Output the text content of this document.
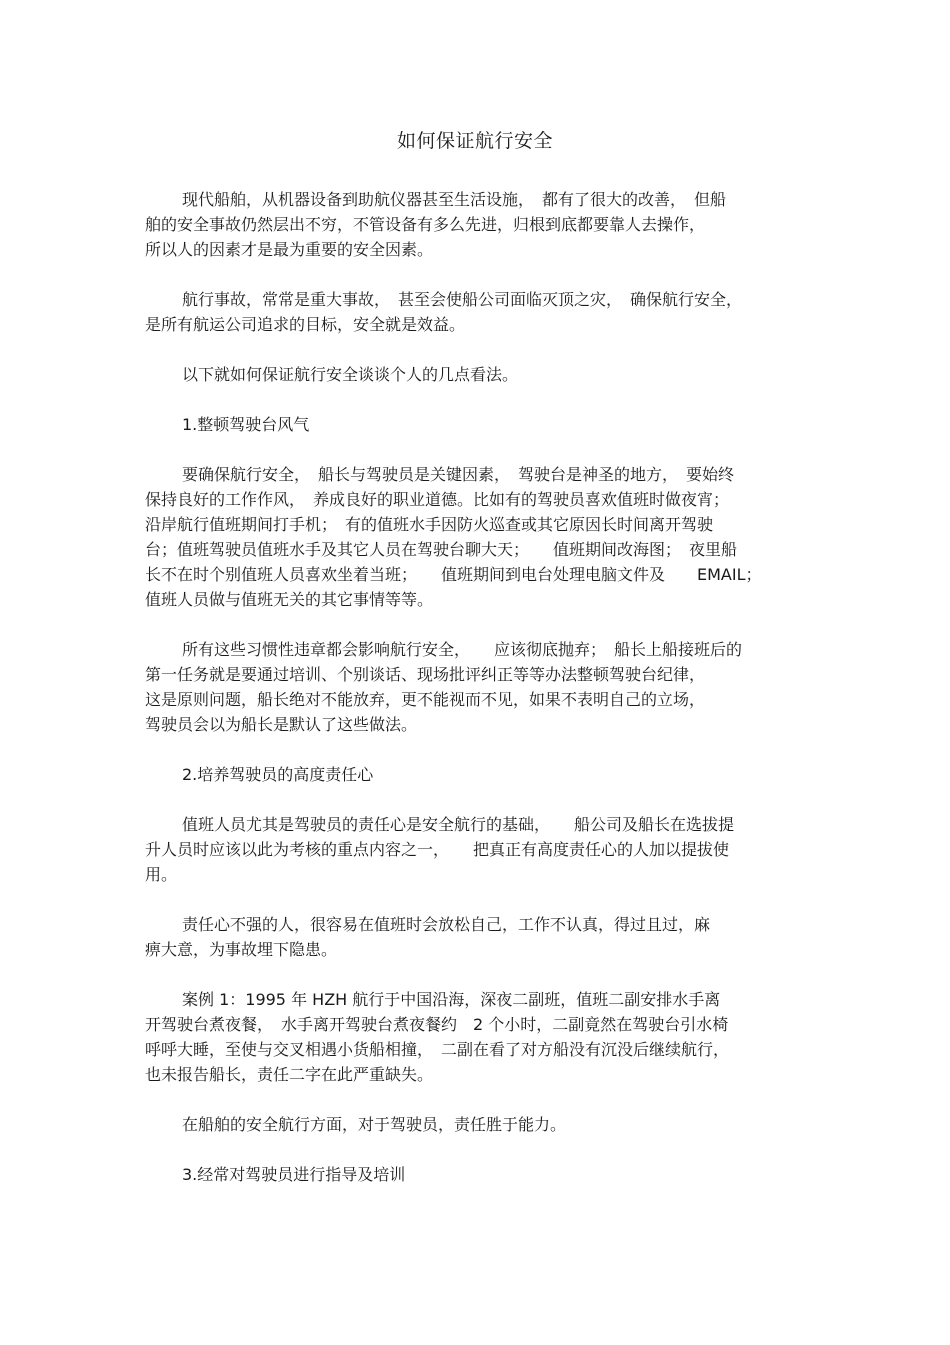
如何保证航行安全
现代船舶，从机器设备到助航仪器甚至生活设施，　都有了很大的改善，　但船
舶的安全事故仍然层出不穷，不管设备有多么先进，归根到底都要靠人去操作，
所以人的因素才是最为重要的安全因素。
航行事故，常常是重大事故，　甚至会使船公司面临灭顶之灾，　确保航行安全，
是所有航运公司追求的目标，安全就是效益。
以下就如何保证航行安全谈谈个人的几点看法。
1.整顿驾驶台风气
要确保航行安全，　船长与驾驶员是关键因素，　驾驶台是神圣的地方，　要始终
保持良好的工作作风，　养成良好的职业道德。比如有的驾驶员喜欢值班时做夜宵；
沿岸航行值班期间打手机；　有的值班水手因防火巡查或其它原因长时间离开驾驶
台；值班驾驶员值班水手及其它人员在驾驶台聊大天；　　值班期间改海图；　夜里船
长不在时个别值班人员喜欢坐着当班；　　值班期间到电台处理电脑文件及　　EMAIL；
值班人员做与值班无关的其它事情等等。
所有这些习惯性违章都会影响航行安全，　　应该彻底抛弃；　船长上船接班后的
第一任务就是要通过培训、个别谈话、现场批评纠正等等办法整顿驾驶台纪律，
这是原则问题，船长绝对不能放弃，更不能视而不见，如果不表明自己的立场，
驾驶员会以为船长是默认了这些做法。
2.培养驾驶员的高度责任心
值班人员尤其是驾驶员的责任心是安全航行的基础，　　船公司及船长在选拔提
升人员时应该以此为考核的重点内容之一，　　把真正有高度责任心的人加以提拔使
用。
责任心不强的人，很容易在值班时会放松自己，工作不认真，得过且过，麻
痹大意，为事故埋下隐患。
案例 1：1995 年 HZH 航行于中国沿海，深夜二副班，值班二副安排水手离
开驾驶台煮夜餐，　水手离开驾驶台煮夜餐约　2 个小时，二副竟然在驾驶台引水椅
呼呼大睡，至使与交叉相遇小货船相撞，　二副在看了对方船没有沉没后继续航行，
也未报告船长，责任二字在此严重缺失。
在船舶的安全航行方面，对于驾驶员，责任胜于能力。
3.经常对驾驶员进行指导及培训
